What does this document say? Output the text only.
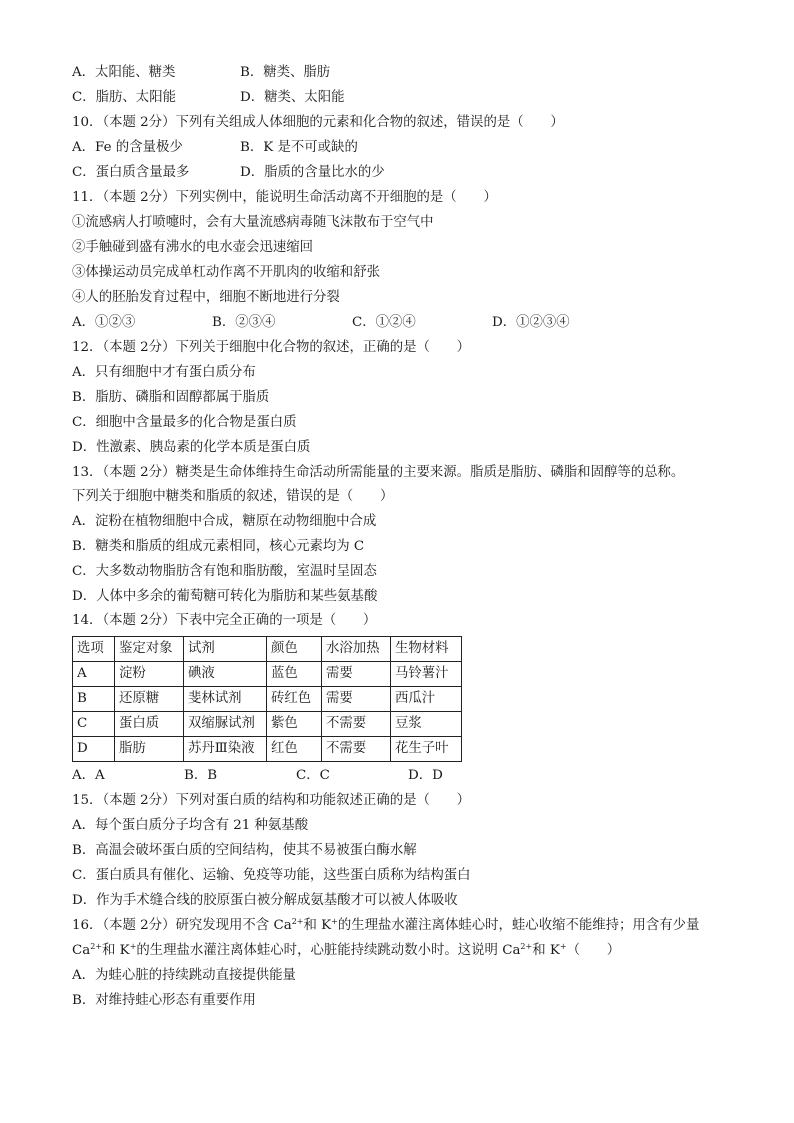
A．太阳能、糖类	B．糖类、脂肪
C．脂肪、太阳能	D．糖类、太阳能
10．（本题 2分）下列有关组成人体细胞的元素和化合物的叙述，错误的是（　　）
A．Fe 的含量极少	B．K 是不可或缺的
C．蛋白质含量最多	D．脂质的含量比水的少
11．（本题 2分）下列实例中，能说明生命活动离不开细胞的是（　　）
①流感病人打喷嚏时，会有大量流感病毒随飞沫散布于空气中
②手触碰到盛有沸水的电水壶会迅速缩回
③体操运动员完成单杠动作离不开肌肉的收缩和舒张
④人的胚胎发育过程中，细胞不断地进行分裂
A．①②③	B．②③④	C．①②④	D．①②③④
12．（本题 2分）下列关于细胞中化合物的叙述，正确的是（　　）
A．只有细胞中才有蛋白质分布
B．脂肪、磷脂和固醇都属于脂质
C．细胞中含量最多的化合物是蛋白质
D．性激素、胰岛素的化学本质是蛋白质
13．（本题 2分）糖类是生命体维持生命活动所需能量的主要来源。脂质是脂肪、磷脂和固醇等的总称。
下列关于细胞中糖类和脂质的叙述，错误的是（　　）
A．淀粉在植物细胞中合成，糖原在动物细胞中合成
B．糖类和脂质的组成元素相同，核心元素均为 C
C．大多数动物脂肪含有饱和脂肪酸，室温时呈固态
D．人体中多余的葡萄糖可转化为脂肪和某些氨基酸
14．（本题 2分）下表中完全正确的一项是（　　）
选项	鉴定对象	试剂	颜色	水浴加热	生物材料
A	淀粉	碘液	蓝色	需要	马铃薯汁
B	还原糖	斐林试剂	砖红色	需要	西瓜汁
C	蛋白质	双缩脲试剂	紫色	不需要	豆浆
D	脂肪	苏丹Ⅲ染液	红色	不需要	花生子叶
A．A	B．B	C．C	D．D
15．（本题 2分）下列对蛋白质的结构和功能叙述正确的是（　　）
A．每个蛋白质分子均含有 21 种氨基酸
B．高温会破坏蛋白质的空间结构，使其不易被蛋白酶水解
C．蛋白质具有催化、运输、免疫等功能，这些蛋白质称为结构蛋白
D．作为手术缝合线的胶原蛋白被分解成氨基酸才可以被人体吸收
16．（本题 2分）研究发现用不含 $Ca^{2+}$和 K+的生理盐水灌注离体蛙心时，蛙心收缩不能维持；用含有少量
$Ca^{2+}$和 K+的生理盐水灌注离体蛙心时，心脏能持续跳动数小时。这说明 $Ca^{2+}$和 K+（　　）
A．为蛙心脏的持续跳动直接提供能量
B．对维持蛙心形态有重要作用
